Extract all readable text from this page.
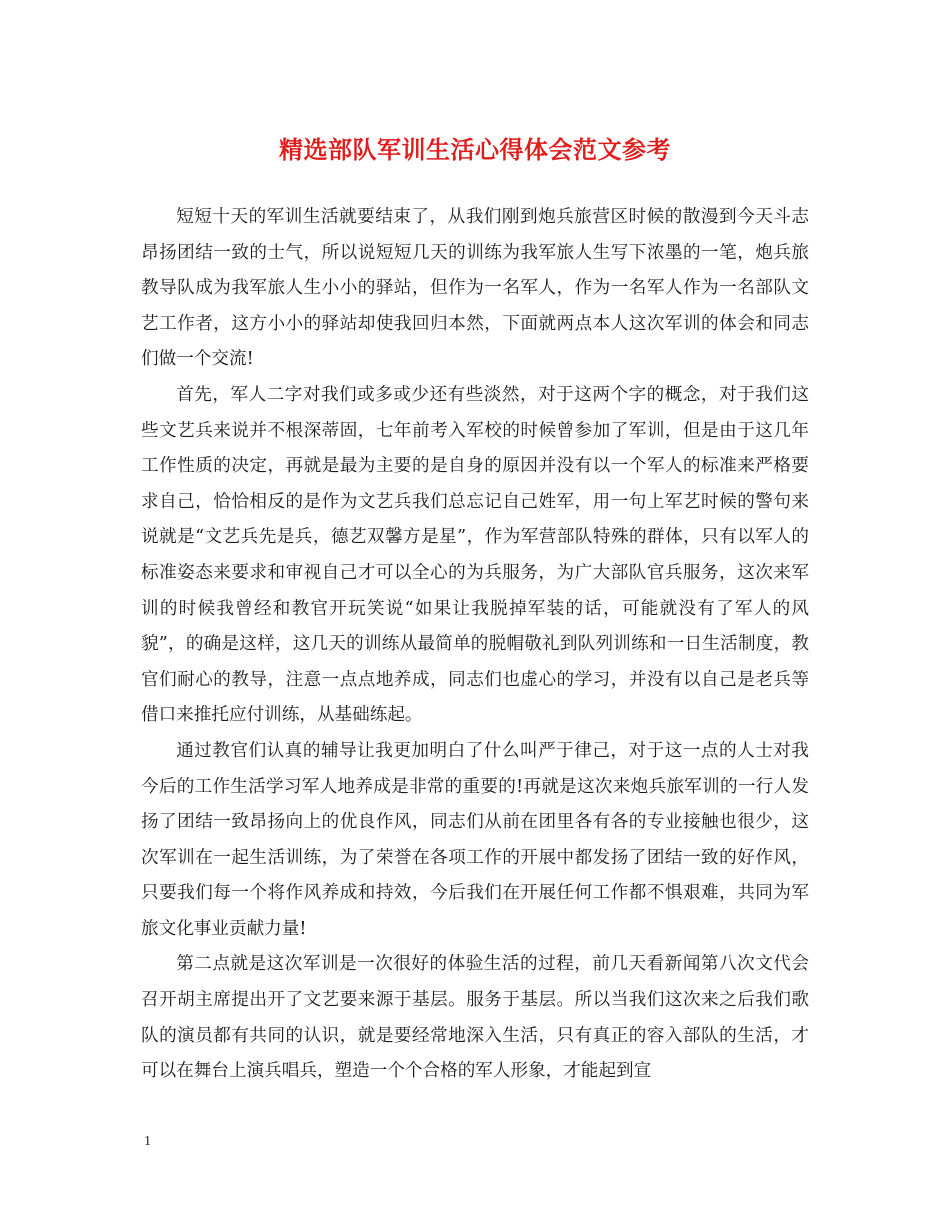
精选部队军训生活心得体会范文参考

短短十天的军训生活就要结束了，从我们刚到炮兵旅营区时候的散漫到今天斗志昂扬团结一致的士气，所以说短短几天的训练为我军旅人生写下浓墨的一笔，炮兵旅教导队成为我军旅人生小小的驿站，但作为一名军人，作为一名军人作为一名部队文艺工作者，这方小小的驿站却使我回归本然，下面就两点本人这次军训的体会和同志们做一个交流!

首先，军人二字对我们或多或少还有些淡然，对于这两个字的概念，对于我们这些文艺兵来说并不根深蒂固，七年前考入军校的时候曾参加了军训，但是由于这几年工作性质的决定，再就是最为主要的是自身的原因并没有以一个军人的标准来严格要求自己，恰恰相反的是作为文艺兵我们总忘记自己姓军，用一句上军艺时候的警句来说就是“文艺兵先是兵，德艺双馨方是星”，作为军营部队特殊的群体，只有以军人的标准姿态来要求和审视自己才可以全心的为兵服务，为广大部队官兵服务，这次来军训的时候我曾经和教官开玩笑说“如果让我脱掉军装的话，可能就没有了军人的风貌”，的确是这样，这几天的训练从最简单的脱帽敬礼到队列训练和一日生活制度，教官们耐心的教导，注意一点点地养成，同志们也虚心的学习，并没有以自己是老兵等借口来推托应付训练，从基础练起。

通过教官们认真的辅导让我更加明白了什么叫严于律己，对于这一点的人士对我今后的工作生活学习军人地养成是非常的重要的!再就是这次来炮兵旅军训的一行人发扬了团结一致昂扬向上的优良作风，同志们从前在团里各有各的专业接触也很少，这次军训在一起生活训练，为了荣誉在各项工作的开展中都发扬了团结一致的好作风，只要我们每一个将作风养成和持效，今后我们在开展任何工作都不惧艰难，共同为军旅文化事业贡献力量!

第二点就是这次军训是一次很好的体验生活的过程，前几天看新闻第八次文代会召开胡主席提出开了文艺要来源于基层。服务于基层。所以当我们这次来之后我们歌队的演员都有共同的认识，就是要经常地深入生活，只有真正的容入部队的生活，才可以在舞台上演兵唱兵，塑造一个个合格的军人形象，才能起到宣

1
